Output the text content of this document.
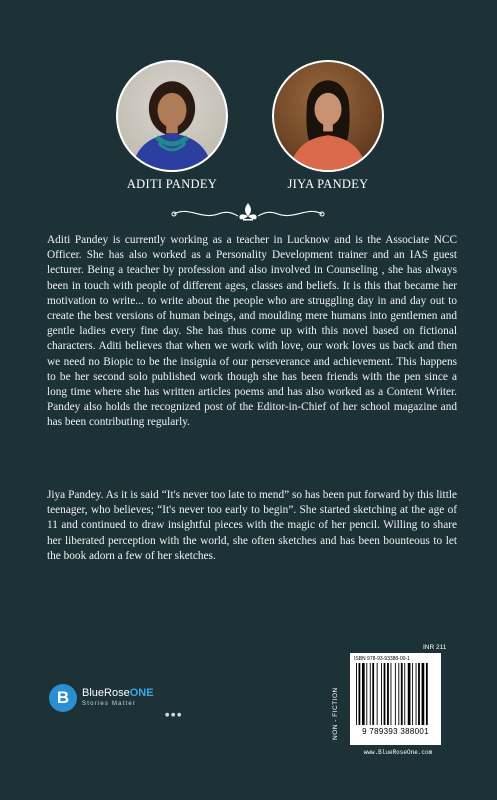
ADITI PANDEY	JIYA PANDEY

Aditi Pandey is currently working as a teacher in Lucknow and is the Associate NCC Officer. She has also worked as a Personality Development trainer and an IAS guest lecturer. Being a teacher by profession and also involved in Counseling , she has always been in touch with people of different ages, classes and beliefs. It is this that became her motivation to write... to write about the people who are struggling day in and day out to create the best versions of human beings, and moulding mere humans into gentlemen and gentle ladies every fine day. She has thus come up with this novel based on fictional characters. Aditi believes that when we work with love, our work loves us back and then we need no Biopic to be the insignia of our perseverance and achievement. This happens to be her second solo published work though she has been friends with the pen since a long time where she has written articles poems and has also worked as a Content Writer. Pandey also holds the recognized post of the Editor-in-Chief of her school magazine and has been contributing regularly.

Jiya Pandey. As it is said “It's never too late to mend” so has been put forward by this little teenager, who believes; “It's never too early to begin”. She started sketching at the age of 11 and continued to draw insightful pieces with the magic of her pencil. Willing to share her liberated perception with the world, she often sketches and has been bounteous to let the book adorn a few of her sketches.

B BlueRoseONE
Stories Matter
● ● ●	NON - FICTION
INR 211
ISBN 978-93-93388-00-1
9 789393 388001
www.BlueRoseOne.com
